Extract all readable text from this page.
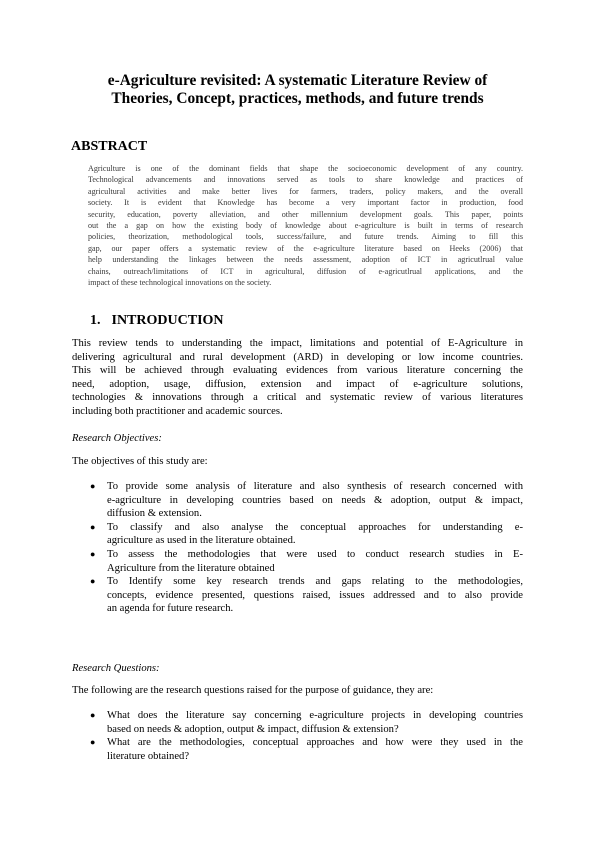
e-Agriculture revisited: A systematic Literature Review of
Theories, Concept, practices, methods, and future trends
ABSTRACT
Agriculture is one of the dominant fields that shape the socioeconomic development of any country.
Technological advancements and innovations served as tools to share knowledge and practices of
agricultural activities and make better lives for farmers, traders, policy makers, and the overall
society. It is evident that Knowledge has become a very important factor in production, food
security, education, poverty alleviation, and other millennium development goals. This paper, points
out the a gap on how the existing body of knowledge about e-agriculture is built in terms of research
policies, theorization, methodological tools, success/failure, and future trends. Aiming to fill this
gap, our paper offers a systematic review of the e-agriculture literature based on Heeks (2006) that
help understanding the linkages between the needs assessment, adoption of ICT in agricutlrual value
chains, outreach/limitations of ICT in agricultural, diffusion of e-agricutlrual applications, and the
impact of these technological innovations on the society.
1. INTRODUCTION
This review tends to understanding the impact, limitations and potential of E-Agriculture in
delivering agricultural and rural development (ARD) in developing or low income countries.
This will be achieved through evaluating evidences from various literature concerning the
need, adoption, usage, diffusion, extension and impact of e-agriculture solutions,
technologies & innovations through a critical and systematic review of various literatures
including both practitioner and academic sources.
Research Objectives:
The objectives of this study are:
● To provide some analysis of literature and also synthesis of research concerned with
e-agriculture in developing countries based on needs & adoption, output & impact,
diffusion & extension.
● To classify and also analyse the conceptual approaches for understanding e-
agriculture as used in the literature obtained.
● To assess the methodologies that were used to conduct research studies in E-
Agriculture from the literature obtained
● To Identify some key research trends and gaps relating to the methodologies,
concepts, evidence presented, questions raised, issues addressed and to also provide
an agenda for future research.
Research Questions:
The following are the research questions raised for the purpose of guidance, they are:
● What does the literature say concerning e-agriculture projects in developing countries
based on needs & adoption, output & impact, diffusion & extension?
● What are the methodologies, conceptual approaches and how were they used in the
literature obtained?
